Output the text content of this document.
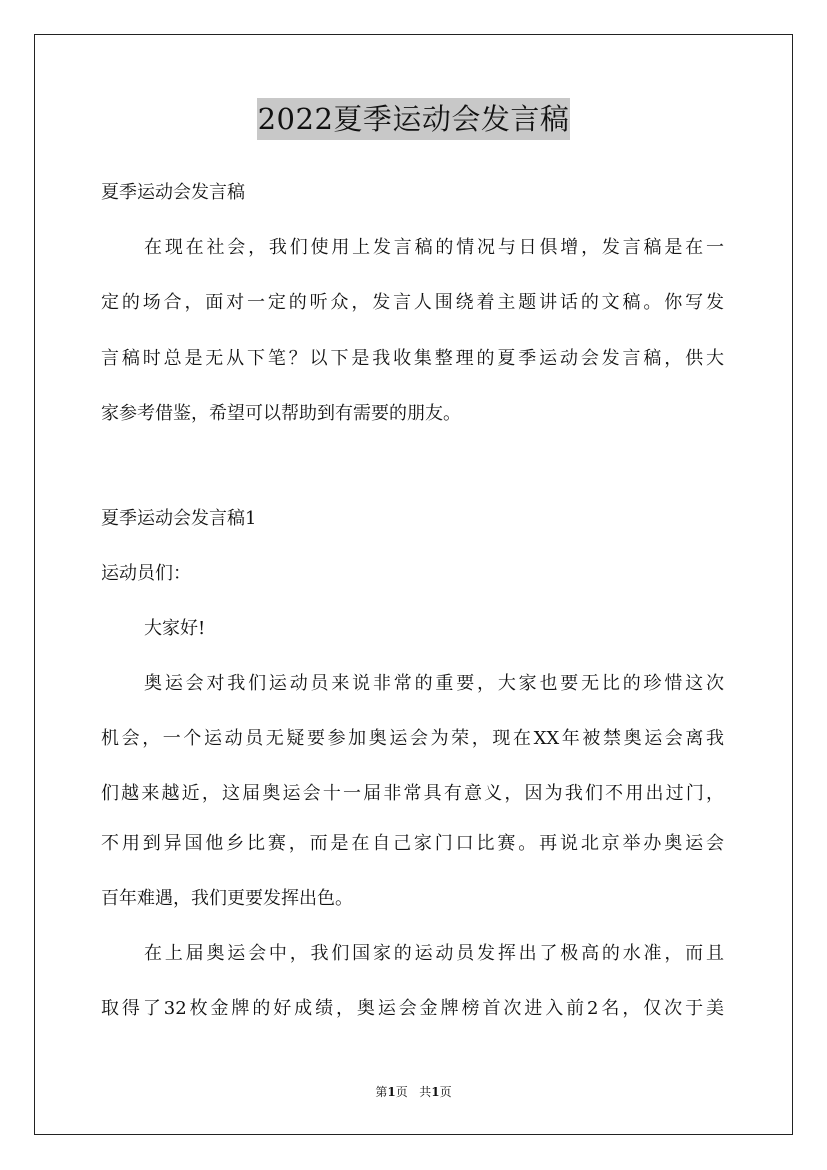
2022夏季运动会发言稿
夏季运动会发言稿
在现在社会，我们使用上发言稿的情况与日俱增，发言稿是在一
定的场合，面对一定的听众，发言人围绕着主题讲话的文稿。你写发
言稿时总是无从下笔？以下是我收集整理的夏季运动会发言稿，供大
家参考借鉴，希望可以帮助到有需要的朋友。
夏季运动会发言稿1
运动员们：
大家好!
奥运会对我们运动员来说非常的重要，大家也要无比的珍惜这次
机会，一个运动员无疑要参加奥运会为荣，现在XX年被禁奥运会离我
们越来越近，这届奥运会十一届非常具有意义，因为我们不用出过门，
不用到异国他乡比赛，而是在自己家门口比赛。再说北京举办奥运会
百年难遇，我们更要发挥出色。
在上届奥运会中，我们国家的运动员发挥出了极高的水准，而且
取得了32枚金牌的好成绩，奥运会金牌榜首次进入前2名，仅次于美
第1页 共1页
